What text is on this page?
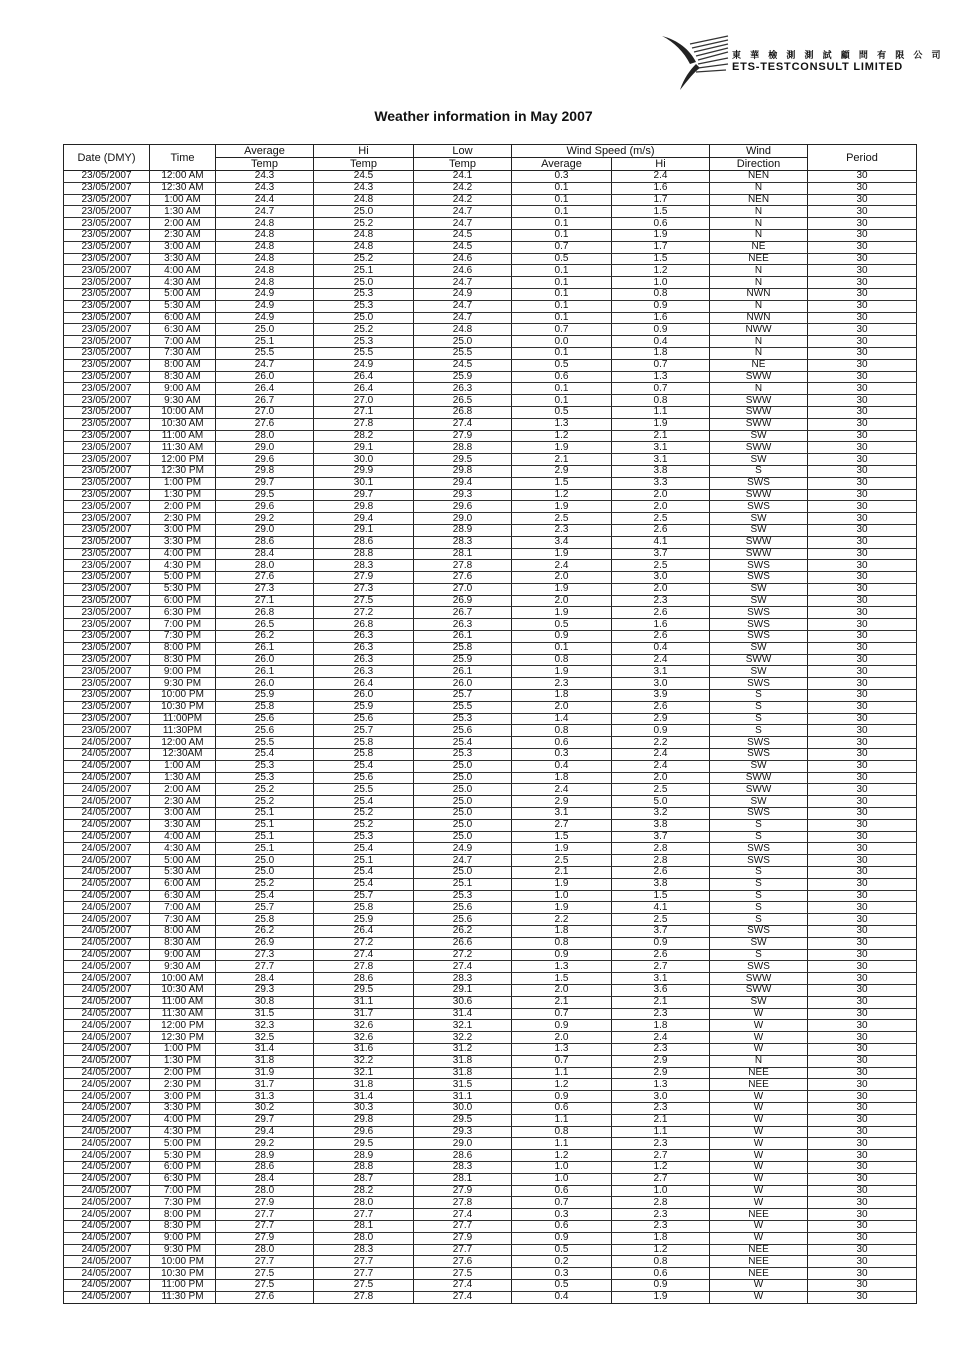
東 華 檢 測 測 試 顧 問 有 限 公 司
ETS-TESTCONSULT LIMITED
Weather information in May 2007
Date (DMY)	Time	Average	Hi	Low	Wind Speed (m/s)		Wind	Period
		Temp	Temp	Temp	Average	Hi	Direction	
23/05/2007	12:00 AM	24.3	24.5	24.1	0.3	2.4	NEN	30
23/05/2007	12:30 AM	24.3	24.3	24.2	0.1	1.6	N	30
23/05/2007	1:00 AM	24.4	24.8	24.2	0.1	1.7	NEN	30
23/05/2007	1:30 AM	24.7	25.0	24.7	0.1	1.5	N	30
23/05/2007	2:00 AM	24.8	25.2	24.7	0.1	0.6	N	30
23/05/2007	2:30 AM	24.8	24.8	24.5	0.1	1.9	N	30
23/05/2007	3:00 AM	24.8	24.8	24.5	0.7	1.7	NE	30
23/05/2007	3:30 AM	24.8	25.2	24.6	0.5	1.5	NEE	30
23/05/2007	4:00 AM	24.8	25.1	24.6	0.1	1.2	N	30
23/05/2007	4:30 AM	24.8	25.0	24.7	0.1	1.0	N	30
23/05/2007	5:00 AM	24.9	25.3	24.9	0.1	0.8	NWN	30
23/05/2007	5:30 AM	24.9	25.3	24.7	0.1	0.9	N	30
23/05/2007	6:00 AM	24.9	25.0	24.7	0.1	1.6	NWN	30
23/05/2007	6:30 AM	25.0	25.2	24.8	0.7	0.9	NWW	30
23/05/2007	7:00 AM	25.1	25.3	25.0	0.0	0.4	N	30
23/05/2007	7:30 AM	25.5	25.5	25.5	0.1	1.8	N	30
23/05/2007	8:00 AM	24.7	24.9	24.5	0.5	0.7	NE	30
23/05/2007	8:30 AM	26.0	26.4	25.9	0.6	1.3	SWW	30
23/05/2007	9:00 AM	26.4	26.4	26.3	0.1	0.7	N	30
23/05/2007	9:30 AM	26.7	27.0	26.5	0.1	0.8	SWW	30
23/05/2007	10:00 AM	27.0	27.1	26.8	0.5	1.1	SWW	30
23/05/2007	10:30 AM	27.6	27.8	27.4	1.3	1.9	SWW	30
23/05/2007	11:00 AM	28.0	28.2	27.9	1.2	2.1	SW	30
23/05/2007	11:30 AM	29.0	29.1	28.8	1.9	3.1	SWW	30
23/05/2007	12:00 PM	29.6	30.0	29.5	2.1	3.1	SW	30
23/05/2007	12:30 PM	29.8	29.9	29.8	2.9	3.8	S	30
23/05/2007	1:00 PM	29.7	30.1	29.4	1.5	3.3	SWS	30
23/05/2007	1:30 PM	29.5	29.7	29.3	1.2	2.0	SWW	30
23/05/2007	2:00 PM	29.6	29.8	29.6	1.9	2.0	SWS	30
23/05/2007	2:30 PM	29.2	29.4	29.0	2.5	2.5	SW	30
23/05/2007	3:00 PM	29.0	29.1	28.9	2.3	2.6	SW	30
23/05/2007	3:30 PM	28.6	28.6	28.3	3.4	4.1	SWW	30
23/05/2007	4:00 PM	28.4	28.8	28.1	1.9	3.7	SWW	30
23/05/2007	4:30 PM	28.0	28.3	27.8	2.4	2.5	SWS	30
23/05/2007	5:00 PM	27.6	27.9	27.6	2.0	3.0	SWS	30
23/05/2007	5:30 PM	27.3	27.3	27.0	1.9	2.0	SW	30
23/05/2007	6:00 PM	27.1	27.5	26.9	2.0	2.3	SW	30
23/05/2007	6:30 PM	26.8	27.2	26.7	1.9	2.6	SWS	30
23/05/2007	7:00 PM	26.5	26.8	26.3	0.5	1.6	SWS	30
23/05/2007	7:30 PM	26.2	26.3	26.1	0.9	2.6	SWS	30
23/05/2007	8:00 PM	26.1	26.3	25.8	0.1	0.4	SW	30
23/05/2007	8:30 PM	26.0	26.3	25.9	0.8	2.4	SWW	30
23/05/2007	9:00 PM	26.1	26.3	26.1	1.9	3.1	SW	30
23/05/2007	9:30 PM	26.0	26.4	26.0	2.3	3.0	SWS	30
23/05/2007	10:00 PM	25.9	26.0	25.7	1.8	3.9	S	30
23/05/2007	10:30 PM	25.8	25.9	25.5	2.0	2.6	S	30
23/05/2007	11:00PM	25.6	25.6	25.3	1.4	2.9	S	30
23/05/2007	11:30PM	25.6	25.7	25.6	0.8	0.9	S	30
24/05/2007	12:00 AM	25.5	25.8	25.4	0.6	2.2	SWS	30
24/05/2007	12:30AM	25.4	25.8	25.3	0.3	2.4	SWS	30
24/05/2007	1:00 AM	25.3	25.4	25.0	0.4	2.4	SW	30
24/05/2007	1:30 AM	25.3	25.6	25.0	1.8	2.0	SWW	30
24/05/2007	2:00 AM	25.2	25.5	25.0	2.4	2.5	SWW	30
24/05/2007	2:30 AM	25.2	25.4	25.0	2.9	5.0	SW	30
24/05/2007	3:00 AM	25.1	25.2	25.0	3.1	3.2	SWS	30
24/05/2007	3:30 AM	25.1	25.2	25.0	2.7	3.8	S	30
24/05/2007	4:00 AM	25.1	25.3	25.0	1.5	3.7	S	30
24/05/2007	4:30 AM	25.1	25.4	24.9	1.9	2.8	SWS	30
24/05/2007	5:00 AM	25.0	25.1	24.7	2.5	2.8	SWS	30
24/05/2007	5:30 AM	25.0	25.4	25.0	2.1	2.6	S	30
24/05/2007	6:00 AM	25.2	25.4	25.1	1.9	3.8	S	30
24/05/2007	6:30 AM	25.4	25.7	25.3	1.0	1.5	S	30
24/05/2007	7:00 AM	25.7	25.8	25.6	1.9	4.1	S	30
24/05/2007	7:30 AM	25.8	25.9	25.6	2.2	2.5	S	30
24/05/2007	8:00 AM	26.2	26.4	26.2	1.8	3.7	SWS	30
24/05/2007	8:30 AM	26.9	27.2	26.6	0.8	0.9	SW	30
24/05/2007	9:00 AM	27.3	27.4	27.2	0.9	2.6	S	30
24/05/2007	9:30 AM	27.7	27.8	27.4	1.3	2.7	SWS	30
24/05/2007	10:00 AM	28.4	28.6	28.3	1.5	3.1	SWW	30
24/05/2007	10:30 AM	29.3	29.5	29.1	2.0	3.6	SWW	30
24/05/2007	11:00 AM	30.8	31.1	30.6	2.1	2.1	SW	30
24/05/2007	11:30 AM	31.5	31.7	31.4	0.7	2.3	W	30
24/05/2007	12:00 PM	32.3	32.6	32.1	0.9	1.8	W	30
24/05/2007	12:30 PM	32.5	32.6	32.2	2.0	2.4	W	30
24/05/2007	1:00 PM	31.4	31.6	31.2	1.3	2.3	W	30
24/05/2007	1:30 PM	31.8	32.2	31.8	0.7	2.9	N	30
24/05/2007	2:00 PM	31.9	32.1	31.8	1.1	2.9	NEE	30
24/05/2007	2:30 PM	31.7	31.8	31.5	1.2	1.3	NEE	30
24/05/2007	3:00 PM	31.3	31.4	31.1	0.9	3.0	W	30
24/05/2007	3:30 PM	30.2	30.3	30.0	0.6	2.3	W	30
24/05/2007	4:00 PM	29.7	29.8	29.5	1.1	2.1	W	30
24/05/2007	4:30 PM	29.4	29.6	29.3	0.8	1.1	W	30
24/05/2007	5:00 PM	29.2	29.5	29.0	1.1	2.3	W	30
24/05/2007	5:30 PM	28.9	28.9	28.6	1.2	2.7	W	30
24/05/2007	6:00 PM	28.6	28.8	28.3	1.0	1.2	W	30
24/05/2007	6:30 PM	28.4	28.7	28.1	1.0	2.7	W	30
24/05/2007	7:00 PM	28.0	28.2	27.9	0.6	1.0	W	30
24/05/2007	7:30 PM	27.9	28.0	27.8	0.7	2.8	W	30
24/05/2007	8:00 PM	27.7	27.7	27.4	0.3	2.3	NEE	30
24/05/2007	8:30 PM	27.7	28.1	27.7	0.6	2.3	W	30
24/05/2007	9:00 PM	27.9	28.0	27.9	0.9	1.8	W	30
24/05/2007	9:30 PM	28.0	28.3	27.7	0.5	1.2	NEE	30
24/05/2007	10:00 PM	27.7	27.7	27.6	0.2	0.8	NEE	30
24/05/2007	10:30 PM	27.5	27.7	27.5	0.3	0.6	NEE	30
24/05/2007	11:00 PM	27.5	27.5	27.4	0.5	0.9	W	30
24/05/2007	11:30 PM	27.6	27.8	27.4	0.4	1.9	W	30
